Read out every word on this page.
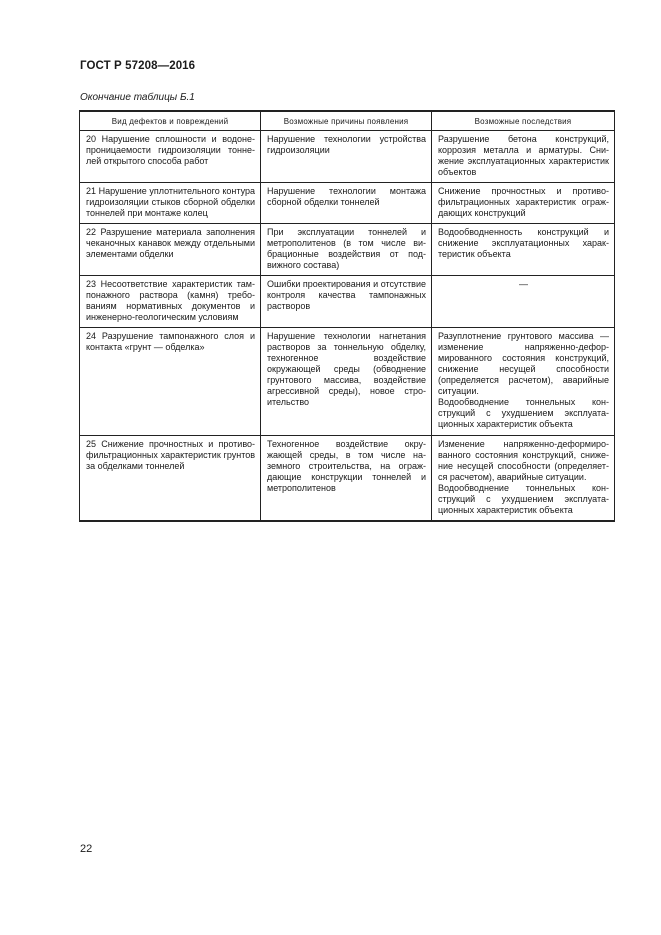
ГОСТ Р 57208—2016
Окончание таблицы Б.1
Вид дефектов и повреждений	Возможные причины появления	Возможные последствия
20 Нарушение сплошности и водонепроницаемости гидроизоляции тоннелей открытого способа работ	Нарушение технологии устройства гидроизоляции	Разрушение бетона конструкций, коррозия металла и арматуры. Снижение эксплуатационных характеристик объектов

21 Нарушение уплотнительного контура гидроизоляции стыков сборной обделки тоннелей при монтаже колец	Нарушение технологии монтажа сборной обделки тоннелей	Снижение прочностных и противофильтрационных характеристик ограждающих конструкций

22 Разрушение материала заполнения чеканочных канавок между отдельными элементами обделки	При эксплуатации тоннелей и метрополитенов (в том числе вибрационные воздействия от подвижного состава)	Водообводненность конструкций и снижение эксплуатационных характеристик объекта

23 Несоответствие характеристик тампонажного раствора (камня) требованиям нормативных документов и инженерно-геологическим условиям	Ошибки проектирования и отсутствие контроля качества тампонажных растворов	—

24 Разрушение тампонажного слоя и контакта «грунт — обделка»	Нарушение технологии нагнетания растворов за тоннельную обделку, техногенное воздействие окружающей среды (обводнение грунтового массива, воздействие агрессивной среды), новое строительство	Разуплотнение грунтового массива — изменение напряженно-деформированного состояния конструкций, снижение несущей способности (определяется расчетом), аварийные ситуации.
Водообводнение тоннельных конструкций с ухудшением эксплуатационных характеристик объекта

25 Снижение прочностных и противофильтрационных характеристик грунтов за обделками тоннелей	Техногенное воздействие окружающей среды, в том числе наземного строительства, на ограждающие конструкции тоннелей и метрополитенов	Изменение напряженно-деформированного состояния конструкций, снижение несущей способности (определяется расчетом), аварийные ситуации.
Водообводнение тоннельных конструкций с ухудшением эксплуатационных характеристик объекта
22
